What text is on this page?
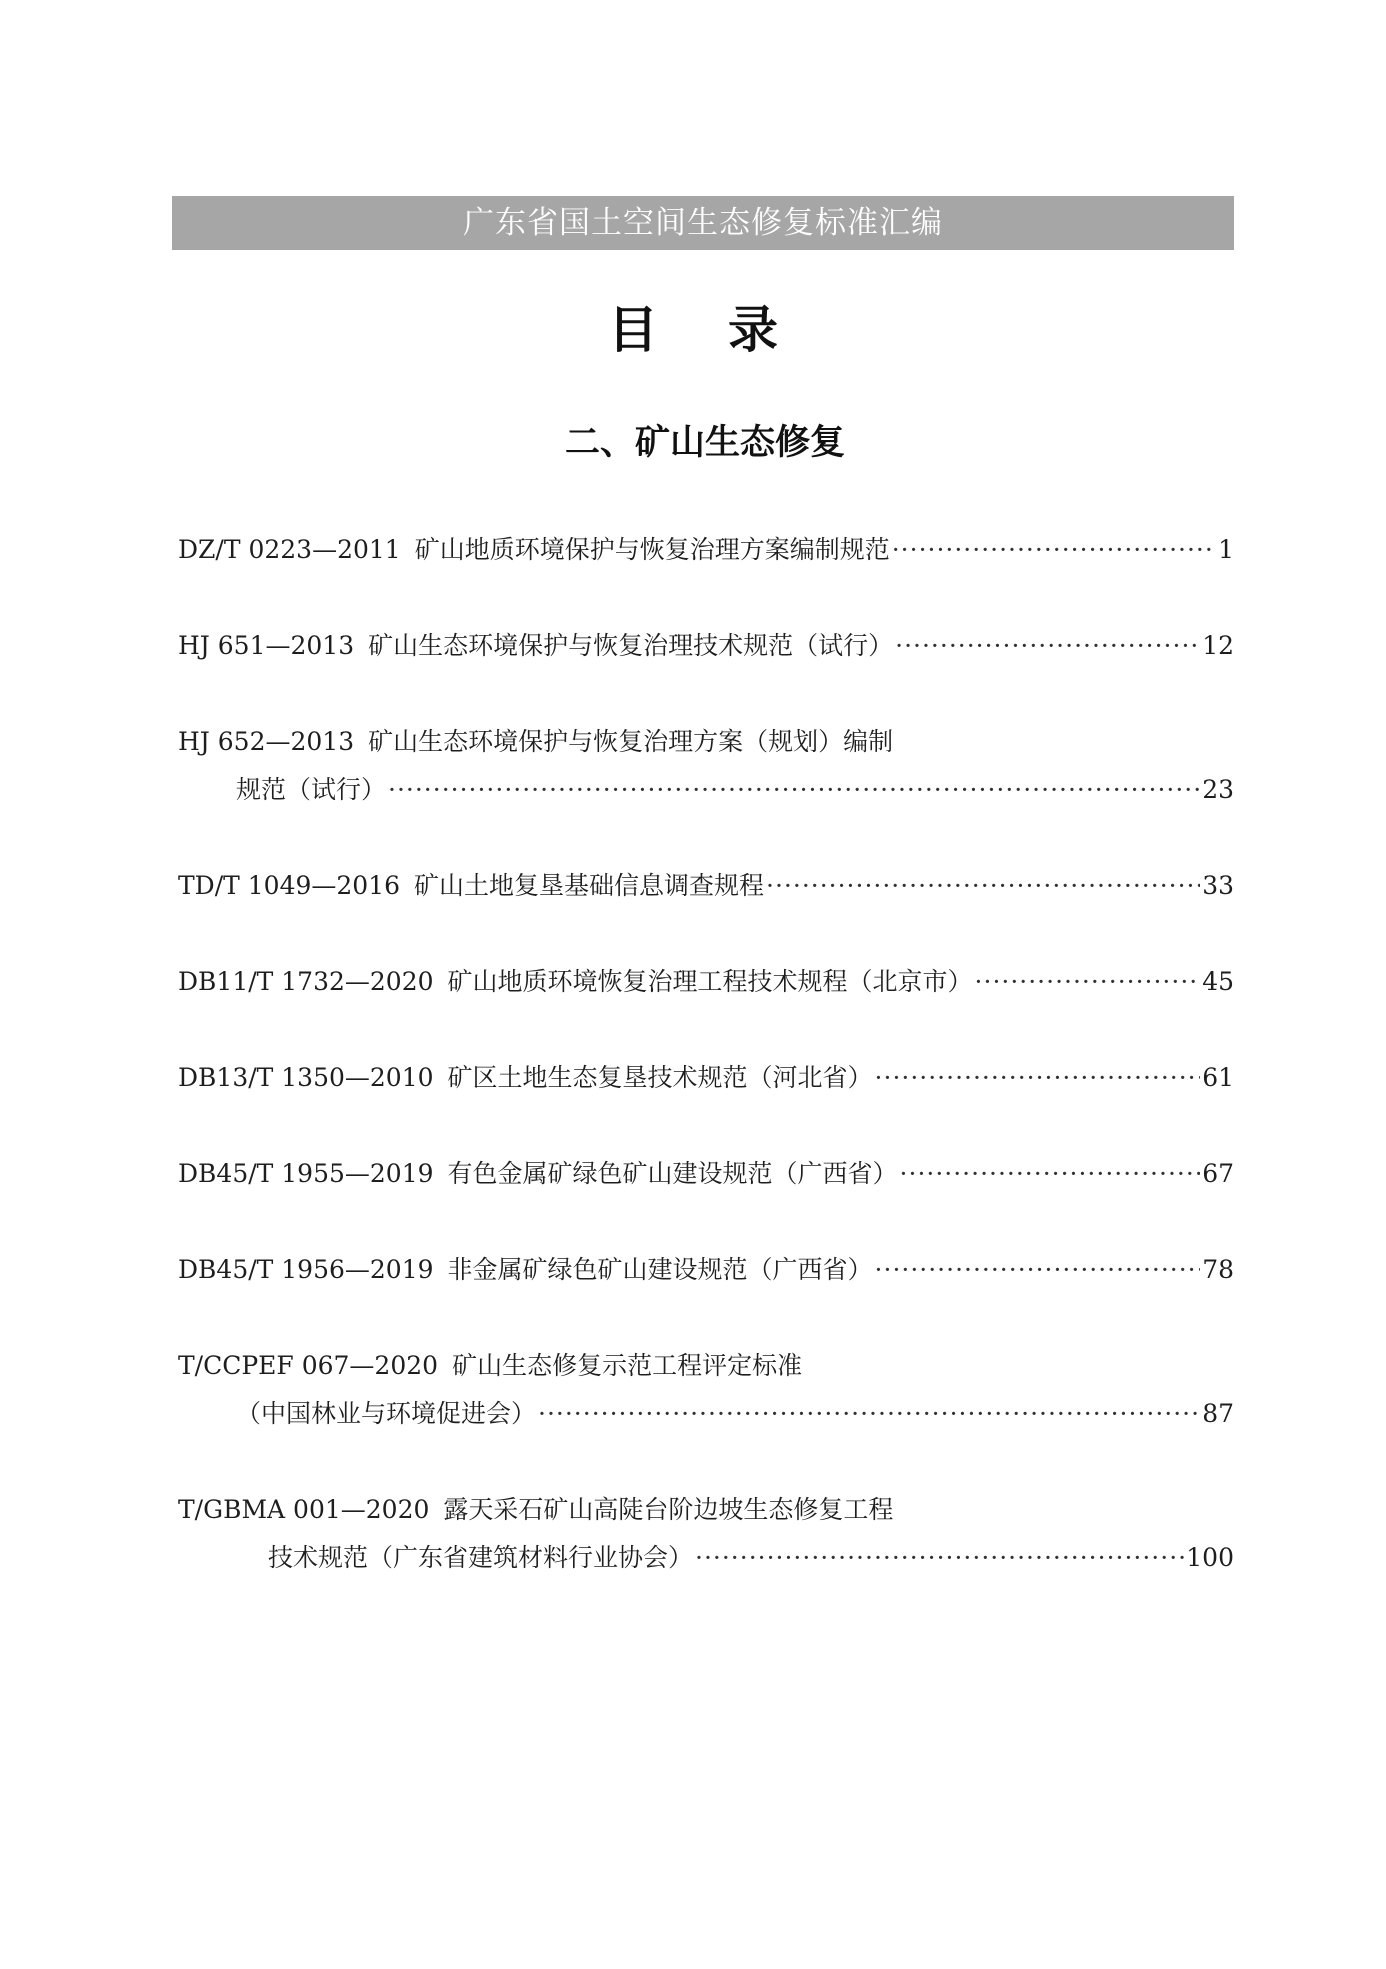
广东省国土空间生态修复标准汇编
目 录
二、矿山生态修复
DZ/T 0223—2011 矿山地质环境保护与恢复治理方案编制规范 ·····	1
HJ 651—2013 矿山生态环境保护与恢复治理技术规范（试行） ·····	12
HJ 652—2013 矿山生态环境保护与恢复治理方案（规划）编制
规范（试行） ·····	23
TD/T 1049—2016 矿山土地复垦基础信息调查规程 ·····	33
DB11/T 1732—2020 矿山地质环境恢复治理工程技术规程（北京市） ·····	45
DB13/T 1350—2010 矿区土地生态复垦技术规范（河北省） ·····	61
DB45/T 1955—2019 有色金属矿绿色矿山建设规范（广西省） ·····	67
DB45/T 1956—2019 非金属矿绿色矿山建设规范（广西省） ·····	78
T/CCPEF 067—2020 矿山生态修复示范工程评定标准
（中国林业与环境促进会） ·····	87
T/GBMA 001—2020 露天采石矿山高陡台阶边坡生态修复工程
技术规范（广东省建筑材料行业协会） ·····	100
